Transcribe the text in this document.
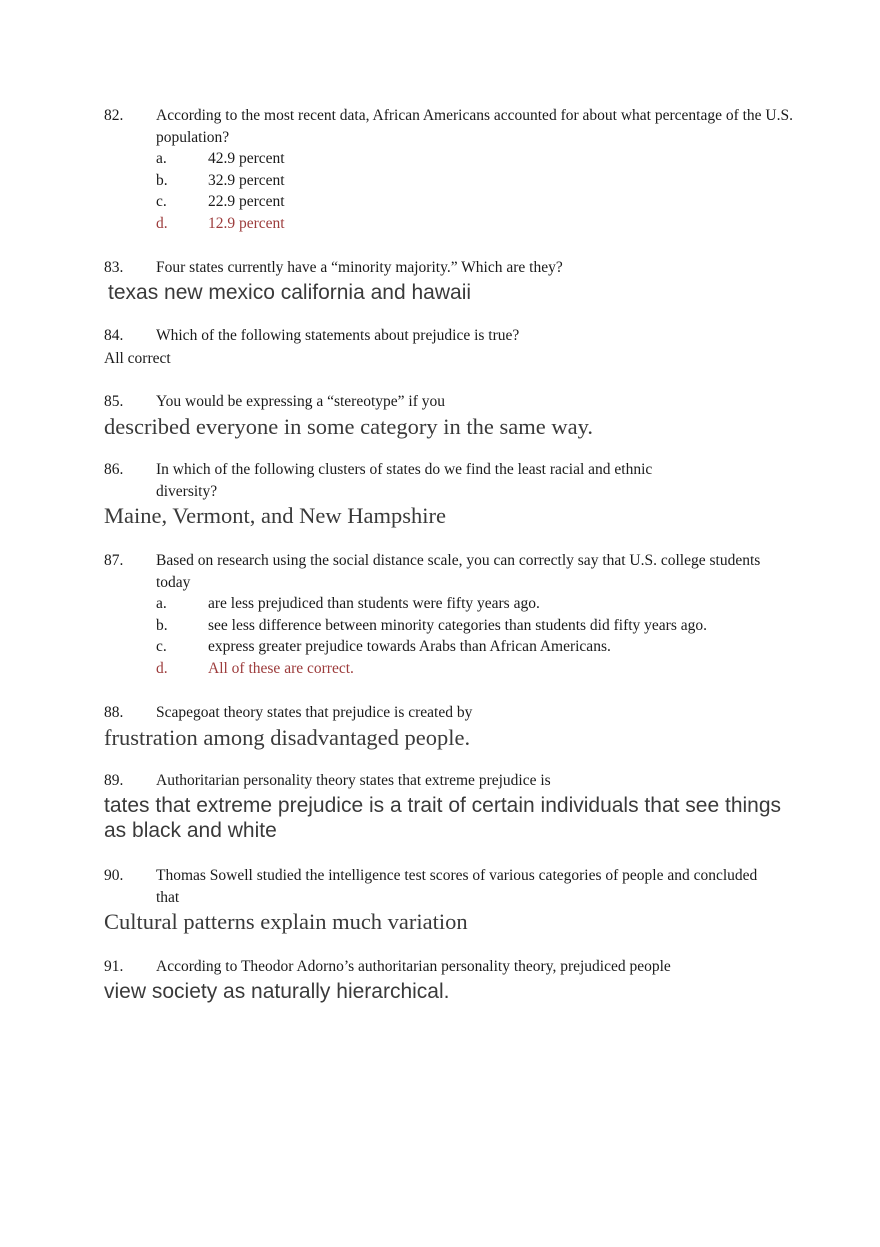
82. According to the most recent data, African Americans accounted for about what percentage of the U.S. population?
a.	42.9 percent
b.	32.9 percent
c.	22.9 percent
d.	12.9 percent
83. Four states currently have a “minority majority.” Which are they?
texas new mexico california and hawaii
84. Which of the following statements about prejudice is true?
All correct
85. You would be expressing a “stereotype” if you
described everyone in some category in the same way.
86. In which of the following clusters of states do we find the least racial and ethnic diversity?
Maine, Vermont, and New Hampshire
87. Based on research using the social distance scale, you can correctly say that U.S. college students today
a.	are less prejudiced than students were fifty years ago.
b.	see less difference between minority categories than students did fifty years ago.
c.	express greater prejudice towards Arabs than African Americans.
d.	All of these are correct.
88. Scapegoat theory states that prejudice is created by
frustration among disadvantaged people.
89. Authoritarian personality theory states that extreme prejudice is
tates that extreme prejudice is a trait of certain individuals that see things as black and white
90. Thomas Sowell studied the intelligence test scores of various categories of people and concluded that
Cultural patterns explain much variation
91. According to Theodor Adorno’s authoritarian personality theory, prejudiced people
view society as naturally hierarchical.
